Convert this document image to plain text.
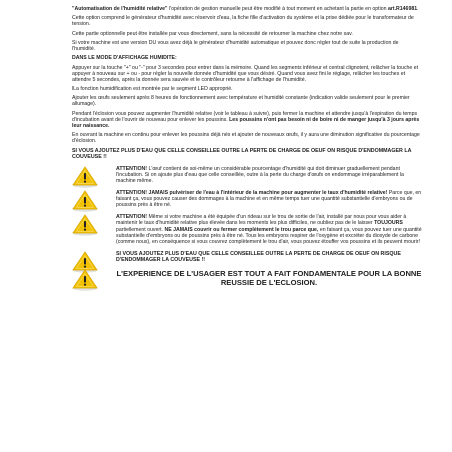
"Automatisation de l'humidité relative" l'opération de gestion manuelle peut être modifié à tout moment en achetant la partie en option art.R146981.

Cette option comprend le générateur d'humidité avec réservoir d'eau, la fiche fille d'activation du système et la prise dédiée pour le transformateur de tension.

Cette partie optionnelle peut être installée par vous directement, sans la nécessité de retourner la machine chez notre sav.

Si votre machine est une version DU vous avez déjà le générateur d'humidité automatique et pouvez donc régler tout de suite la production de l'humidité.

DANS LE MODE D'AFFICHAGE HUMIDITE:

Appuyer sur la touche "+" ou "-" pour 3 secondes pour entrer dans la mémoire. Quand les segments inférieur et central clignotent, relâcher la touche et appuyer à nouveau sur + ou - pour régler la nouvelle donnée d'humidité que vous désiré. Quand vous avez fini le réglage, relâcher les touches et attendre 5 secondes, après la donnée sera sauvée et le contrôleur retourne à l'affichage de l'humidité.

lLa fonction humidification est montrée par le segment LED approprié.

Ajouter les œufs seulement après 8 heures de fonctionnement avec température et humidité constante (indication valide seulement pour le premier allumage).

Pendant l'éclosion vous pouvez augmenter l'humidité relative (voir le tableau à suivre), puis fermer la machine et attendre jusqu'à l'expiration du temps d'incubation avant de l'ouvrir de nouveau pour enlever les poussins. Les poussins n'ont pas besoin ni de boire ni de manger jusqu'à 3 jours après leur naissance.

En ouvrant la machine en continu pour enlever les poussins déjà nés et ajouter de nouveaux œufs, il y aura une diminution significative du pourcentage d'éclosion.

SI VOUS AJOUTEZ PLUS D'EAU QUE CELLE CONSEILLEE OUTRE LA PERTE DE CHARGE DE OEUF ON RISQUE D'ENDOMMAGER LA COUVEUSE !!

ATTENTION! L'œuf contient de soi-même un considérable pourcentage d'humidité qui doit diminuer graduellement pendant l'incubation. Si on ajoute plus d'eau que celle conseillée, outre à la perte du charge d'œufs on endommage irréparablement la machine même.

ATTENTION! JAMAIS pulvériser de l'eau à l'intérieur de la machine pour augmenter le taux d'humidité relative! Parce que, en faisant ça, vous pouvez causer des dommages à la machine et en même temps tuer une quantité substantielle d'embryons ou de poussins près à être né.

ATTENTION! Même si votre machine a été équipée d'un rideau sur le trou de sortie de l'air, installé par nous pour vous aider à maintenir le taux d'humidité relative plus élevée dans les moments les plus difficiles, ne oubliez pas de le laisser TOUJOURS partiellement ouvert. NE JAMAIS couvrir ou fermer complètement le trou parce que, en faisant ça, vous pouvez tuer une quantité substantielle d'embryons ou de poussins près à être né. Tous les embryons respirer de l'oxygène et excréter du dioxyde de carbone (comme nous), en conséquence si vous couvrez complètement le trou d'air, vous pouvez étouffer vos poussins et ils peuvent mourir!

SI VOUS AJOUTEZ PLUS D'EAU QUE CELLE CONSEILLEE OUTRE LA PERTE DE CHARGE DE OEUF ON RISQUE D'ENDOMMAGER LA COUVEUSE !!

L'EXPERIENCE DE L'USAGER EST TOUT A FAIT FONDAMENTALE POUR LA BONNE REUSSIE DE L'ECLOSION.
